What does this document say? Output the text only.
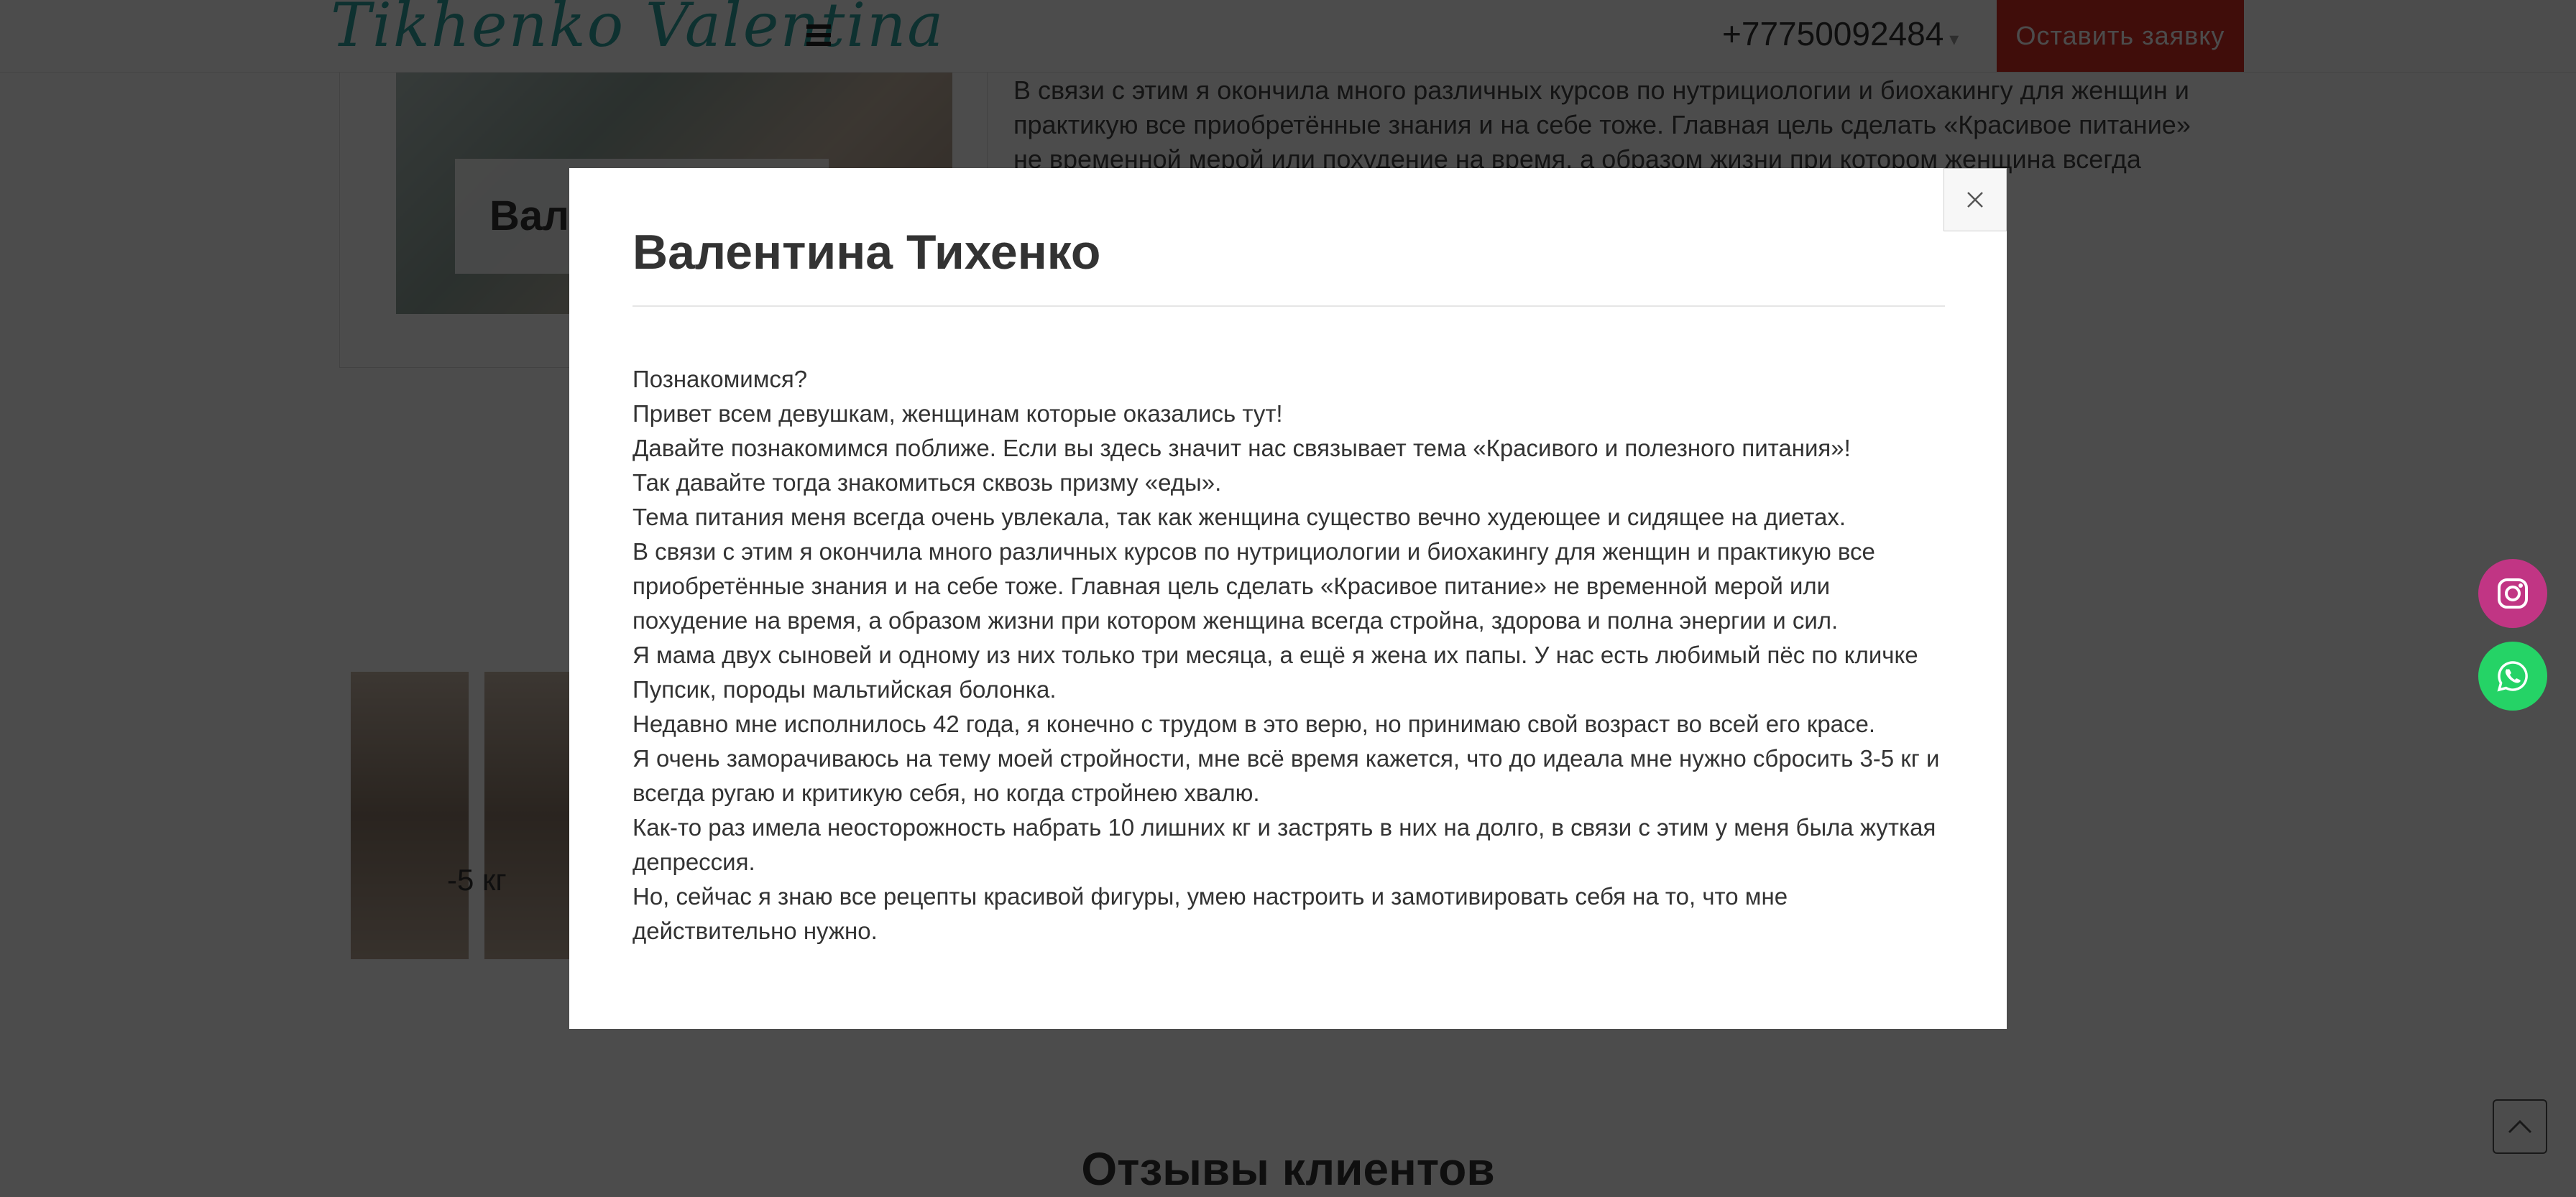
Валентина Тихенко

Познакомимся?

Привет всем девушкам, женщинам которые оказались тут!

Давайте познакомимся поближе. Если вы здесь значит нас связывает тема «Красивого и полезного питания»!

Так давайте тогда знакомиться сквозь призму «еды».

Тема питания меня всегда очень увлекала, так как женщина существо вечно худеющее и сидящее на диетах.

В связи с этим я окончила много различных курсов по нутрициологии и биохакингу для женщин и практикую все приобретённые знания и на себе тоже. Главная цель сделать «Красивое питание» не временной мерой или похудение на время, а образом жизни при котором женщина всегда стройна, здорова и полна энергии и сил.

Я мама двух сыновей и одному из них только три месяца, а ещё я жена их папы. У нас есть любимый пёс по кличке Пупсик, породы мальтийская болонка.

Недавно мне исполнилось 42 года, я конечно с трудом в это верю, но принимаю свой возраст во всей его красе.

Я очень заморачиваюсь на тему моей стройности, мне всё время кажется, что до идеала мне нужно сбросить 3-5 кг и всегда ругаю и критикую себя, но когда стройнею хвалю.

Как-то раз имела неосторожность набрать 10 лишних кг и застрять в них на долго, в связи с этим у меня была жуткая депрессия.

Но, сейчас я знаю все рецепты красивой фигуры, умею настроить и замотивировать себя на то, что мне действительно нужно.
